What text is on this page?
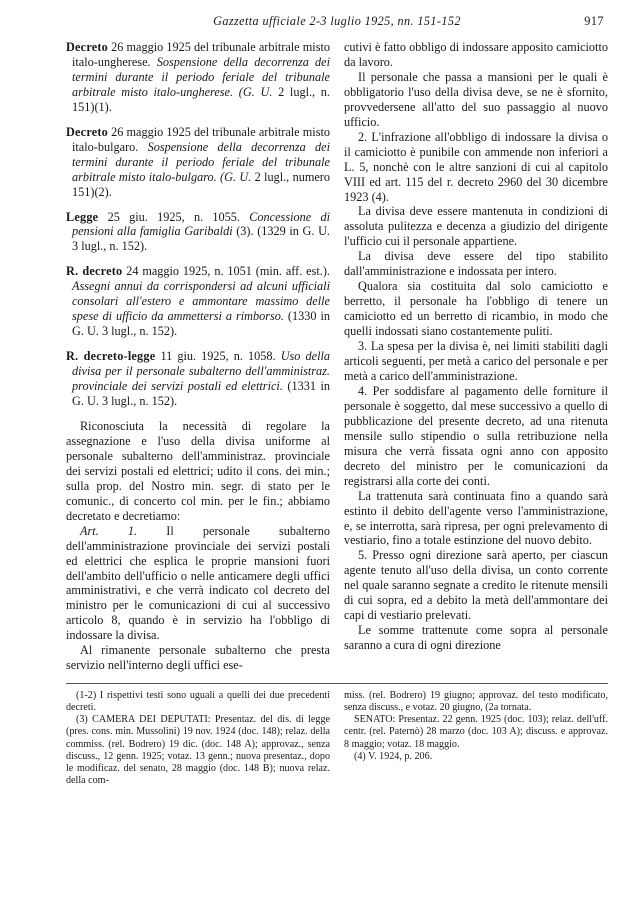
Gazzetta ufficiale 2-3 luglio 1925, nn. 151-152	917

Decreto 26 maggio 1925 del tribunale arbitrale misto italo-ungherese. Sospensione della decorrenza dei termini durante il periodo feriale del tribunale arbitrale misto italo-ungherese. (G. U. 2 lugl., n. 151)(1).

Decreto 26 maggio 1925 del tribunale arbitrale misto italo-bulgaro. Sospensione della decorrenza dei termini durante il periodo feriale del tribunale arbitrale misto italo-bulgaro. (G. U. 2 lugl., numero 151)(2).

Legge 25 giu. 1925, n. 1055. Concessione di pensioni alla famiglia Garibaldi (3). (1329 in G. U. 3 lugl., n. 152).

R. decreto 24 maggio 1925, n. 1051 (min. aff. est.). Assegni annui da corrispondersi ad alcuni ufficiali consolari all'estero e ammontare massimo delle spese di ufficio da ammettersi a rimborso. (1330 in G. U. 3 lugl., n. 152).

R. decreto-legge 11 giu. 1925, n. 1058. Uso della divisa per il personale subalterno dell'amministraz. provinciale dei servizi postali ed elettrici. (1331 in G. U. 3 lugl., n. 152).

Riconosciuta la necessità di regolare la assegnazione e l'uso della divisa uniforme al personale subalterno dell'amministraz. provinciale dei servizi postali ed elettrici; udito il cons. dei min.; sulla prop. del Nostro min. segr. di stato per le comunic., di concerto col min. per le fin.; abbiamo decretato e decretiamo:

Art. 1. Il personale subalterno dell'amministrazione provinciale dei servizi postali ed elettrici che esplica le proprie mansioni fuori dell'ambito dell'ufficio o nelle anticamere degli uffici amministrativi, e che verrà indicato col decreto del ministro per le comunicazioni di cui al successivo articolo 8, quando è in servizio ha l'obbligo di indossare la divisa.

Al rimanente personale subalterno che presta servizio nell'interno degli uffici ese-

cutivi è fatto obbligo di indossare apposito camiciotto da lavoro.

Il personale che passa a mansioni per le quali è obbligatorio l'uso della divisa deve, se ne è sfornito, provvedersene all'atto del suo passaggio al nuovo ufficio.

2. L'infrazione all'obbligo di indossare la divisa o il camiciotto è punibile con ammende non inferiori a L. 5, nonchè con le altre sanzioni di cui al capitolo VIII ed art. 115 del r. decreto 2960 del 30 dicembre 1923 (4).

La divisa deve essere mantenuta in condizioni di assoluta pulitezza e decenza a giudizio del dirigente l'ufficio cui il personale appartiene.

La divisa deve essere del tipo stabilito dall'amministrazione e indossata per intero.

Qualora sia costituita dal solo camiciotto e berretto, il personale ha l'obbligo di tenere un camiciotto ed un berretto di ricambio, in modo che quelli indossati siano costantemente puliti.

3. La spesa per la divisa è, nei limiti stabiliti dagli articoli seguenti, per metà a carico del personale e per metà a carico dell'amministrazione.

4. Per soddisfare al pagamento delle forniture il personale è soggetto, dal mese successivo a quello di pubblicazione del presente decreto, ad una ritenuta mensile sullo stipendio o sulla retribuzione nella misura che verrà fissata ogni anno con apposito decreto del ministro per le comunicazioni da registrarsi alla corte dei conti.

La trattenuta sarà continuata fino a quando sarà estinto il debito dell'agente verso l'amministrazione, e, se interrotta, sarà ripresa, per ogni prelevamento di vestiario, fino a totale estinzione del nuovo debito.

5. Presso ogni direzione sarà aperto, per ciascun agente tenuto all'uso della divisa, un conto corrente nel quale saranno segnate a credito le ritenute mensili di cui sopra, ed a debito la metà dell'ammontare dei capi di vestiario prelevati.

Le somme trattenute come sopra al personale saranno a cura di ogni direzione

(1-2) I rispettivi testi sono uguali a quelli dei due precedenti decreti.

(3) CAMERA DEI DEPUTATI: Presentaz. del dis. di legge (pres. cons. min. Mussolini) 19 nov. 1924 (doc. 148); relaz. della commiss. (rel. Bodrero) 19 dic. (doc. 148 A); approvaz., senza discuss., 12 genn. 1925; votaz. 13 genn.; nuova presentaz., dopo le modificaz. del senato, 28 maggio (doc. 148 B); nuova relaz. della com-

miss. (rel. Bodrero) 19 giugno; approvaz. del testo modificato, senza discuss., e votaz. 20 giugno, (2a tornata.

SENATO: Presentaz. 22 genn. 1925 (doc. 103); relaz. dell'uff. centr. (rel. Paternò) 28 marzo (doc. 103 A); discuss. e approvaz. 8 maggio; votaz. 18 maggio.

(4) V. 1924, p. 206.
